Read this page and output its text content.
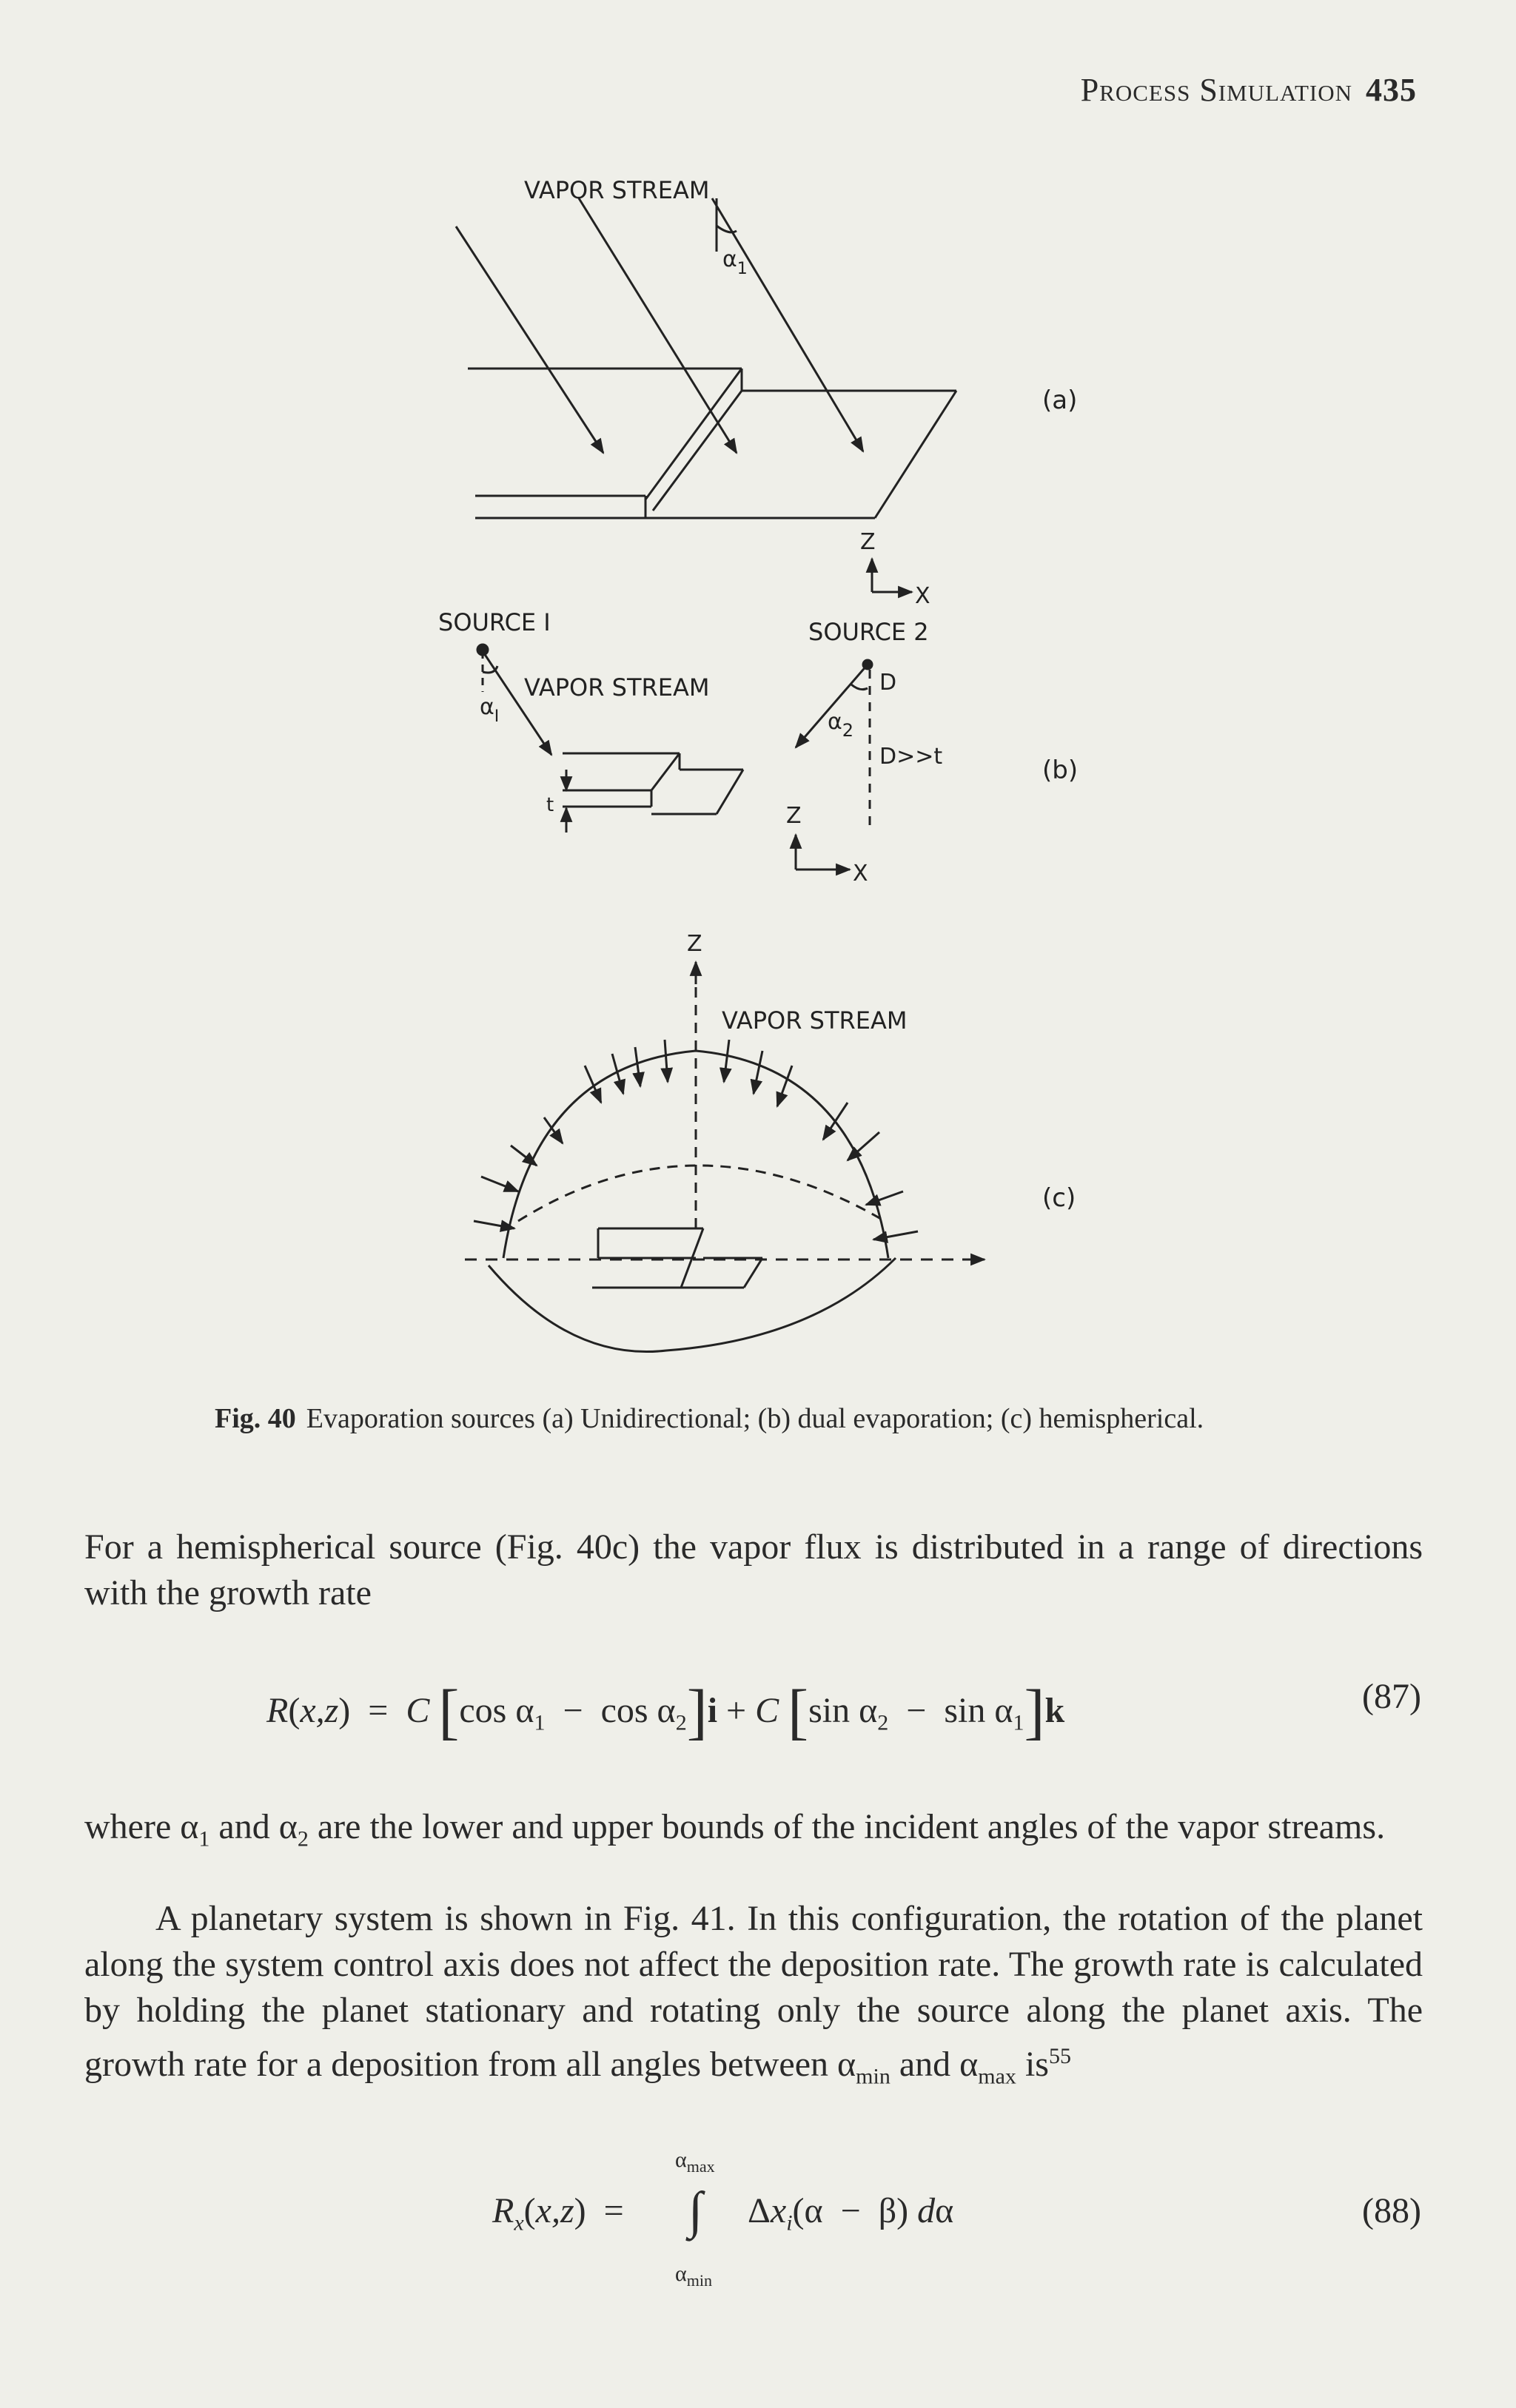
Process Simulation 435
VAPOR STREAM
$\alpha_1$
(a)
Z
X
SOURCE I	SOURCE 2
VAPOR STREAM
$\alpha_I$	$\alpha_2$
D
D>>t
t
(b)
Z
X
Z
VAPOR STREAM
(c)
Fig. 40 Evaporation sources (a) Unidirectional; (b) dual evaporation; (c) hemispherical.
For a hemispherical source (Fig. 40c) the vapor flux is distributed in a range of directions with the growth rate
R(x,z)  =  C [cos $\alpha_1 - \cos \alpha_2]i + C$ [sin $\alpha_2 - \sin \alpha_1]k$	(87)
where $\alpha_1$ and $\alpha_2$ are the lower and upper bounds of the incident angles of the vapor streams.
A planetary system is shown in Fig. 41. In this configuration, the rotation of the planet along the system control axis does not affect the deposition rate. The growth rate is calculated by holding the planet stationary and rotating only the source along the planet axis. The growth rate for a deposition from all angles between $\alpha_{min}$ and $\alpha_{max}$ $is^{55}$
$R_x(x,z)$  =
$\alpha_{max}$
∫
$\alpha_{min}$
$\Delta x_i(\alpha - \beta)$ dα	(88)
